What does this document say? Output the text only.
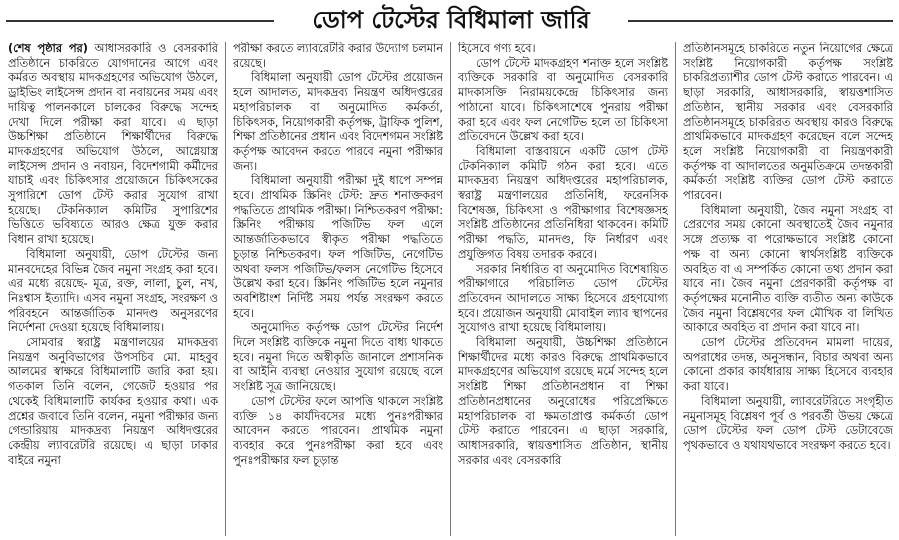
ডোপ টেস্টের বিধিমালা জারি

(শেষ পৃষ্ঠার পর) আধাসরকারি ও বেসরকারি প্রতিষ্ঠানে চাকরিতে যোগদানের আগে এবং কর্মরত অবস্থায় মাদকগ্রহণের অভিযোগ উঠলে, ড্রাইভিং লাইসেন্স প্রদান বা নবায়নের সময় এবং দায়িত্ব পালনকালে চালকের বিরুদ্ধে সন্দেহ দেখা দিলে পরীক্ষা করা যাবে। এ ছাড়া উচ্চশিক্ষা প্রতিষ্ঠানে শিক্ষার্থীদের বিরুদ্ধে মাদকগ্রহণের অভিযোগ উঠলে, আগ্নেয়াস্ত্র লাইসেন্স প্রদান ও নবায়ন, বিদেশগামী কর্মীদের যাচাই এবং চিকিৎসার প্রয়োজনে চিকিৎসকের সুপারিশে ডোপ টেস্ট করার সুযোগ রাখা হয়েছে। টেকনিক্যাল কমিটির সুপারিশের ভিত্তিতে ভবিষ্যতে আরও ক্ষেত্র যুক্ত করার বিধান রাখা হয়েছে।

বিধিমালা অনুযায়ী, ডোপ টেস্টের জন্য মানবদেহের বিভিন্ন জৈব নমুনা সংগ্রহ করা হবে। এর মধ্যে রয়েছে- মূত্র, রক্ত, লালা, চুল, নখ, নিঃশ্বাস ইত্যাদি। এসব নমুনা সংগ্রহ, সংরক্ষণ ও পরিবহনে আন্তর্জাতিক মানদণ্ড অনুসরণের নির্দেশনা দেওয়া হয়েছে বিধিমালায়।

সোমবার স্বরাষ্ট্র মন্ত্রণালয়ের মাদকদ্রব্য নিয়ন্ত্রণ অনুবিভাগের উপসচিব মো. মাহবুব আলমের স্বাক্ষরে বিধিমালাটি জারি করা হয়। গতকাল তিনি বলেন, গেজেট হওয়ার পর থেকেই বিধিমালাটি কার্যকর হওয়ার কথা। এক প্রশ্নের জবাবে তিনি বলেন, নমুনা পরীক্ষার জন্য গেন্ডারিয়ায় মাদকদ্রব্য নিয়ন্ত্রণ অধিদপ্তরের কেন্দ্রীয় ল্যাবরেটরি রয়েছে। এ ছাড়া ঢাকার বাইরে নমুনা

পরীক্ষা করতে ল্যাবরেটরি করার উদ্যোগ চলমান রয়েছে।

বিধিমালা অনুযায়ী ডোপ টেস্টের প্রয়োজন হলে আদালত, মাদকদ্রব্য নিয়ন্ত্রণ অধিদপ্তরের মহাপরিচালক বা অনুমোদিত কর্মকর্তা, চিকিৎসক, নিয়োগকারী কর্তৃপক্ষ, ট্রাফিক পুলিশ, শিক্ষা প্রতিষ্ঠানের প্রধান এবং বিদেশগমন সংশ্লিষ্ট কর্তৃপক্ষ আবেদন করতে পারবে নমুনা পরীক্ষার জন্য।

বিধিমালা অনুযায়ী পরীক্ষা দুই ধাপে সম্পন্ন হবে। প্রাথমিক স্ক্রিনিং টেস্ট: দ্রুত শনাক্তকরণ পদ্ধতিতে প্রাথমিক পরীক্ষা। নিশ্চিতকরণ পরীক্ষা: স্ক্রিনিং পরীক্ষায় পজিটিভ ফল এলে আন্তর্জাতিকভাবে স্বীকৃত পরীক্ষা পদ্ধতিতে চূড়ান্ত নিশ্চিতকরণ। ফল পজিটিভ, নেগেটিভ অথবা ফলস পজিটিভ/ফলস নেগেটিভ হিসেবে উল্লেখ করা হবে। স্ক্রিনিং পজিটিভ হলে নমুনার অবশিষ্টাংশ নির্দিষ্ট সময় পর্যন্ত সংরক্ষণ করতে হবে।

অনুমোদিত কর্তৃপক্ষ ডোপ টেস্টের নির্দেশ দিলে সংশ্লিষ্ট ব্যক্তিকে নমুনা দিতে বাধ্য থাকতে হবে। নমুনা দিতে অস্বীকৃতি জানালে প্রশাসনিক বা আইনি ব্যবস্থা নেওয়ার সুযোগ রয়েছে বলে সংশ্লিষ্ট সূত্র জানিয়েছে।

ডোপ টেস্টের ফলে আপত্তি থাকলে সংশ্লিষ্ট ব্যক্তি ১৪ কার্যদিবসের মধ্যে পুনঃপরীক্ষার আবেদন করতে পারবেন। প্রাথমিক নমুনা ব্যবহার করে পুনঃপরীক্ষা করা হবে এবং পুনঃপরীক্ষার ফল চূড়ান্ত

হিসেবে গণ্য হবে।

ডোপ টেস্টে মাদকগ্রহণ শনাক্ত হলে সংশ্লিষ্ট ব্যক্তিকে সরকারি বা অনুমোদিত বেসরকারি মাদকাসক্তি নিরাময়কেন্দ্রে চিকিৎসার জন্য পাঠানো যাবে। চিকিৎসাশেষে পুনরায় পরীক্ষা করা হবে এবং ফল নেগেটিভ হলে তা চিকিৎসা প্রতিবেদনে উল্লেখ করা হবে।

বিধিমালা বাস্তবায়নে একটি ডোপ টেস্ট টেকনিক্যাল কমিটি গঠন করা হবে। এতে মাদকদ্রব্য নিয়ন্ত্রণ অধিদপ্তরের মহাপরিচালক, স্বরাষ্ট্র মন্ত্রণালয়ের প্রতিনিধি, ফরেনসিক বিশেষজ্ঞ, চিকিৎসা ও পরীক্ষাগার বিশেষজ্ঞসহ সংশ্লিষ্ট প্রতিষ্ঠানের প্রতিনিধিরা থাকবেন। কমিটি পরীক্ষা পদ্ধতি, মানদণ্ড, ফি নির্ধারণ এবং প্রযুক্তিগত বিষয় তদারক করবে।

সরকার নির্ধারিত বা অনুমোদিত বিশেষায়িত পরীক্ষাগারে পরিচালিত ডোপ টেস্টের প্রতিবেদন আদালতে সাক্ষ্য হিসেবে গ্রহণযোগ্য হবে। প্রয়োজন অনুযায়ী মোবাইল ল্যাব স্থাপনের সুযোগও রাখা হয়েছে বিধিমালায়।

বিধিমালা অনুযায়ী, উচ্চশিক্ষা প্রতিষ্ঠানে শিক্ষার্থীদের মধ্যে কারও বিরুদ্ধে প্রাথমিকভাবে মাদকগ্রহণের অভিযোগ রয়েছে মর্মে সন্দেহ হলে সংশ্লিষ্ট শিক্ষা প্রতিষ্ঠানপ্রধান বা শিক্ষা প্রতিষ্ঠানপ্রধানের অনুরোধের পরিপ্রেক্ষিতে মহাপরিচালক বা ক্ষমতাপ্রাপ্ত কর্মকর্তা ডোপ টেস্ট করাতে পারবেন। এ ছাড়া সরকারি, আধাসরকারি, স্বায়ত্তশাসিত প্রতিষ্ঠান, স্থানীয় সরকার এবং বেসরকারি

প্রতিষ্ঠানসমূহে চাকরিতে নতুন নিয়োগের ক্ষেত্রে সংশ্লিষ্ট নিয়োগকারী কর্তৃপক্ষ সংশ্লিষ্ট চাকরিপ্রত্যাশীর ডোপ টেস্ট করাতে পারবেন। এ ছাড়া সরকারি, আধাসরকারি, স্বায়ত্তশাসিত প্রতিষ্ঠান, স্থানীয় সরকার এবং বেসরকারি প্রতিষ্ঠানসমূহে চাকরিরত অবস্থায় কারও বিরুদ্ধে প্রাথমিকভাবে মাদকগ্রহণ করেছেন বলে সন্দেহ হলে সংশ্লিষ্ট নিয়োগকারী বা নিয়ন্ত্রণকারী কর্তৃপক্ষ বা আদালতের অনুমতিক্রমে তদন্তকারী কর্মকর্তা সংশ্লিষ্ট ব্যক্তির ডোপ টেস্ট করাতে পারবেন।

বিধিমালা অনুযায়ী, জৈব নমুনা সংগ্রহ বা প্রেরণের সময় কোনো অবস্থাতেই জৈব নমুনার সঙ্গে প্রত্যক্ষ বা পরোক্ষভাবে সংশ্লিষ্ট কোনো পক্ষ বা অন্য কোনো স্বার্থসংশ্লিষ্ট ব্যক্তিকে অবহিত বা এ সম্পর্কিত কোনো তথ্য প্রদান করা যাবে না। জৈব নমুনা প্রেরণকারী কর্তৃপক্ষ বা কর্তৃপক্ষের মনোনীত ব্যক্তি ব্যতীত অন্য কাউকে জৈব নমুনা বিশ্লেষণের ফল মৌখিক বা লিখিত আকারে অবহিত বা প্রদান করা যাবে না।

ডোপ টেস্টের প্রতিবেদন মামলা দায়ের, অপরাধের তদন্ত, অনুসন্ধান, বিচার অথবা অন্য কোনো প্রকার কার্যধারায় সাক্ষ্য হিসেবে ব্যবহার করা যাবে।

বিধিমালা অনুযায়ী, ল্যাবরেটরিতে সংগৃহীত নমুনাসমূহ বিশ্লেষণ পূর্ব ও পরবর্তী উভয় ক্ষেত্রে ডোপ টেস্টের ফল ডোপ টেস্ট ডেটাবেজে পৃথকভাবে ও যথাযথভাবে সংরক্ষণ করতে হবে।
